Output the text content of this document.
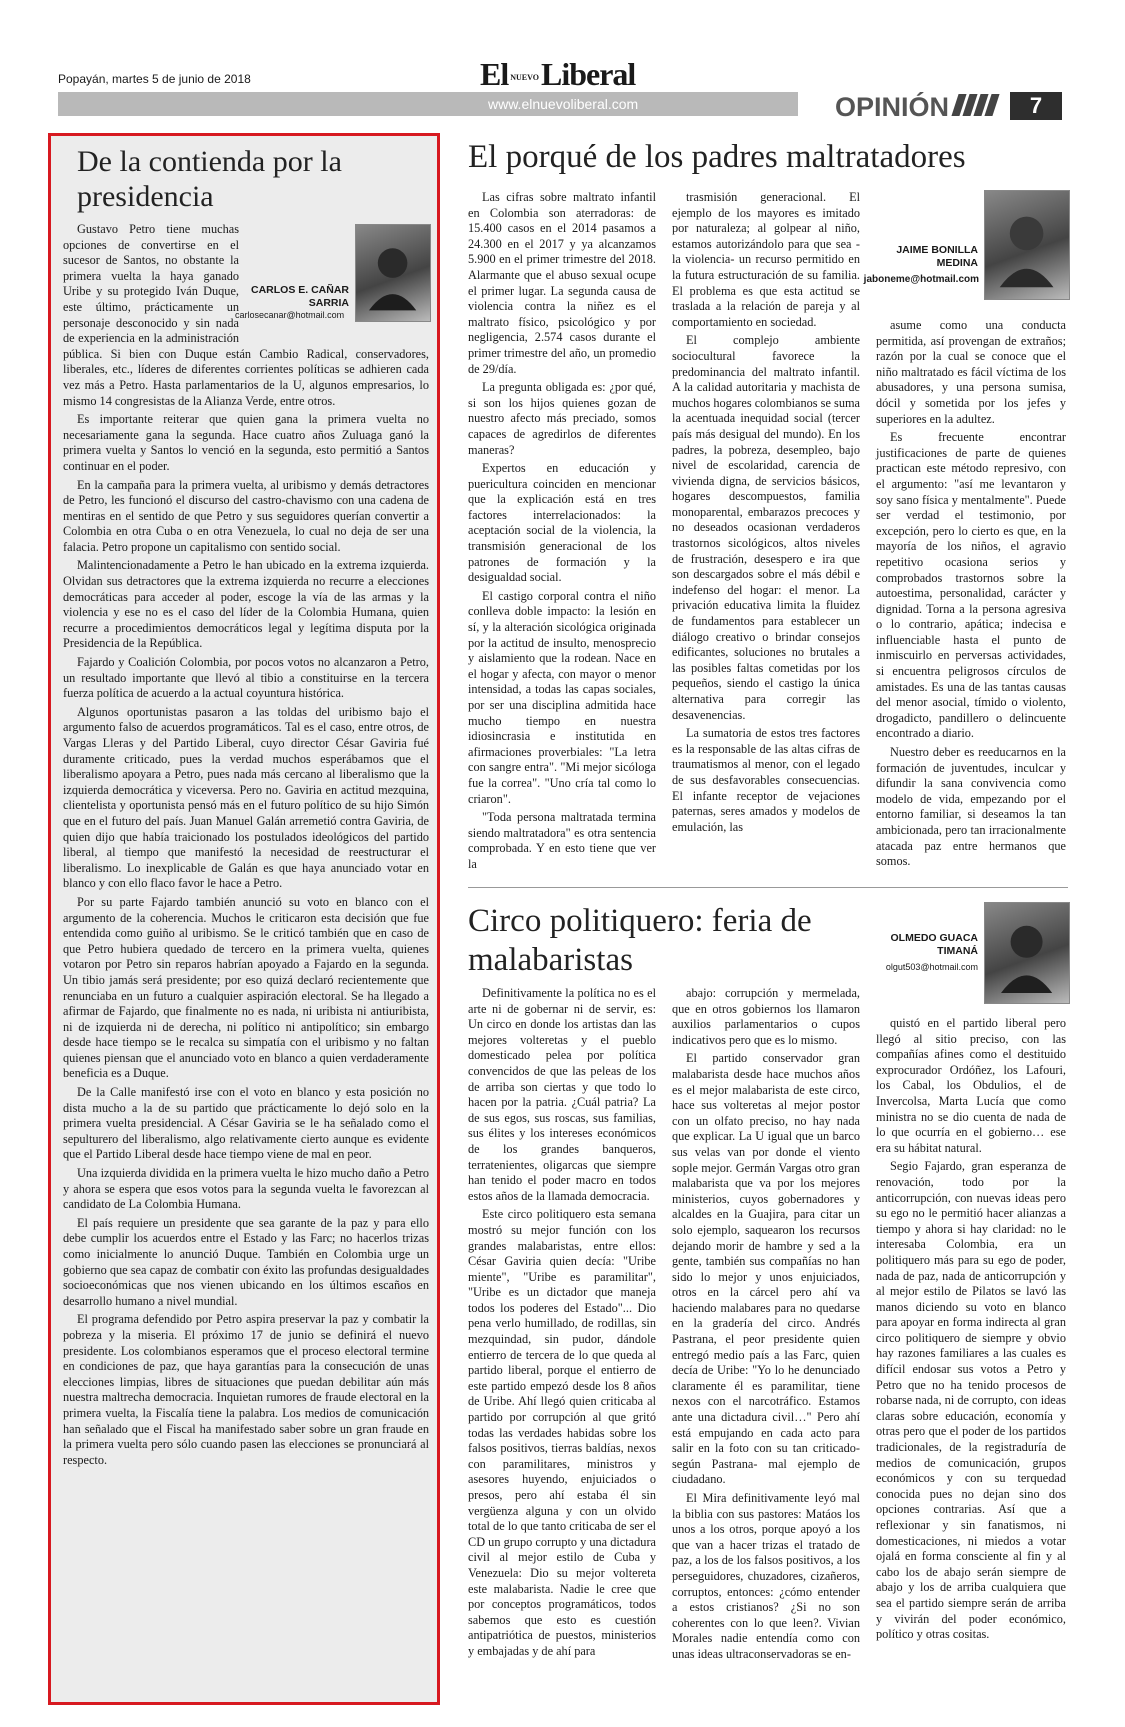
Popayán, martes 5 de junio de 2018	El NUEVOLiberal
www.elnuevoliberal.com	OPINIÓN	7
De la contienda por la presidencia
CARLOS E. CAÑAR SARRIA
carlosecanar@hotmail.com

Gustavo Petro tiene muchas opciones de convertirse en el sucesor de Santos, no obstante la primera vuelta la haya ganado Uribe y su protegido Iván Duque, este último, prácticamente un personaje desconocido y sin nada de experiencia en la administración pública. Si bien con Duque están Cambio Radical, conservadores, liberales, etc., líderes de diferentes corrientes políticas se adhieren cada vez más a Petro. Hasta parlamentarios de la U, algunos empresarios, lo mismo 14 congresistas de la Alianza Verde, entre otros.

Es importante reiterar que quien gana la primera vuelta no necesariamente gana la segunda. Hace cuatro años Zuluaga ganó la primera vuelta y Santos lo venció en la segunda, esto permitió a Santos continuar en el poder.

En la campaña para la primera vuelta, al uribismo y demás detractores de Petro, les funcionó el discurso del castro-chavismo con una cadena de mentiras en el sentido de que Petro y sus seguidores querían convertir a Colombia en otra Cuba o en otra Venezuela, lo cual no deja de ser una falacia. Petro propone un capitalismo con sentido social.

Malintencionadamente a Petro le han ubicado en la extrema izquierda. Olvidan sus detractores que la extrema izquierda no recurre a elecciones democráticas para acceder al poder, escoge la vía de las armas y la violencia y ese no es el caso del líder de la Colombia Humana, quien recurre a procedimientos democráticos legal y legítima disputa por la Presidencia de la República.

Fajardo y Coalición Colombia, por pocos votos no alcanzaron a Petro, un resultado importante que llevó al tibio a constituirse en la tercera fuerza política de acuerdo a la actual coyuntura histórica.

Algunos oportunistas pasaron a las toldas del uribismo bajo el argumento falso de acuerdos programáticos. Tal es el caso, entre otros, de Vargas Lleras y del Partido Liberal, cuyo director César Gaviria fué duramente criticado, pues la verdad muchos esperábamos que el liberalismo apoyara a Petro, pues nada más cercano al liberalismo que la izquierda democrática y viceversa. Pero no. Gaviria en actitud mezquina, clientelista y oportunista pensó más en el futuro político de su hijo Simón que en el futuro del país. Juan Manuel Galán arremetió contra Gaviria, de quien dijo que había traicionado los postulados ideológicos del partido liberal, al tiempo que manifestó la necesidad de reestructurar el liberalismo. Lo inexplicable de Galán es que haya anunciado votar en blanco y con ello flaco favor le hace a Petro.

Por su parte Fajardo también anunció su voto en blanco con el argumento de la coherencia. Muchos le criticaron esta decisión que fue entendida como guiño al uribismo. Se le criticó también que en caso de que Petro hubiera quedado de tercero en la primera vuelta, quienes votaron por Petro sin reparos habrían apoyado a Fajardo en la segunda. Un tibio jamás será presidente; por eso quizá declaró recientemente que renunciaba en un futuro a cualquier aspiración electoral. Se ha llegado a afirmar de Fajardo, que finalmente no es nada, ni uribista ni antiuribista, ni de izquierda ni de derecha, ni político ni antipolítico; sin embargo desde hace tiempo se le recalca su simpatía con el uribismo y no faltan quienes piensan que el anunciado voto en blanco a quien verdaderamente beneficia es a Duque.

De la Calle manifestó irse con el voto en blanco y esta posición no dista mucho a la de su partido que prácticamente lo dejó solo en la primera vuelta presidencial. A César Gaviria se le ha señalado como el sepulturero del liberalismo, algo relativamente cierto aunque es evidente que el Partido Liberal desde hace tiempo viene de mal en peor.

Una izquierda dividida en la primera vuelta le hizo mucho daño a Petro y ahora se espera que esos votos para la segunda vuelta le favorezcan al candidato de La Colombia Humana.

El país requiere un presidente que sea garante de la paz y para ello debe cumplir los acuerdos entre el Estado y las Farc; no hacerlos trizas como inicialmente lo anunció Duque. También en Colombia urge un gobierno que sea capaz de combatir con éxito las profundas desigualdades socioeconómicas que nos vienen ubicando en los últimos escaños en desarrollo humano a nivel mundial.

El programa defendido por Petro aspira preservar la paz y combatir la pobreza y la miseria. El próximo 17 de junio se definirá el nuevo presidente. Los colombianos esperamos que el proceso electoral termine en condiciones de paz, que haya garantías para la consecución de unas elecciones limpias, libres de situaciones que puedan debilitar aún más nuestra maltrecha democracia. Inquietan rumores de fraude electoral en la primera vuelta, la Fiscalía tiene la palabra. Los medios de comunicación han señalado que el Fiscal ha manifestado saber sobre un gran fraude en la primera vuelta pero sólo cuando pasen las elecciones se pronunciará al respecto.

El porqué de los padres maltratadores

Las cifras sobre maltrato infantil en Colombia son aterradoras: de 15.400 casos en el 2014 pasamos a 24.300 en el 2017 y ya alcanzamos 5.900 en el primer trimestre del 2018. Alarmante que el abuso sexual ocupe el primer lugar. La segunda causa de violencia contra la niñez es el maltrato físico, psicológico y por negligencia, 2.574 casos durante el primer trimestre del año, un promedio de 29/día.

La pregunta obligada es: ¿por qué, si son los hijos quienes gozan de nuestro afecto más preciado, somos capaces de agredirlos de diferentes maneras?

Expertos en educación y puericultura coinciden en mencionar que la explicación está en tres factores interrelacionados: la aceptación social de la violencia, la transmisión generacional de los patrones de formación y la desigualdad social.

El castigo corporal contra el niño conlleva doble impacto: la lesión en sí, y la alteración sicológica originada por la actitud de insulto, menosprecio y aislamiento que la rodean. Nace en el hogar y afecta, con mayor o menor intensidad, a todas las capas sociales, por ser una disciplina admitida hace mucho tiempo en nuestra idiosincrasia e institutida en afirmaciones proverbiales: "La letra con sangre entra". "Mi mejor sicóloga fue la correa". "Uno cría tal como lo criaron".

"Toda persona maltratada termina siendo maltratadora" es otra sentencia comprobada. Y en esto tiene que ver la

trasmisión generacional. El ejemplo de los mayores es imitado por naturaleza; al golpear al niño, estamos autorizándolo para que sea -la violencia- un recurso permitido en la futura estructuración de su familia. El problema es que esta actitud se traslada a la relación de pareja y al comportamiento en sociedad.

El complejo ambiente sociocultural favorece la predominancia del maltrato infantil. A la calidad autoritaria y machista de muchos hogares colombianos se suma la acentuada inequidad social (tercer país más desigual del mundo). En los padres, la pobreza, desempleo, bajo nivel de escolaridad, carencia de vivienda digna, de servicios básicos, hogares descompuestos, familia monoparental, embarazos precoces y no deseados ocasionan verdaderos trastornos sicológicos, altos niveles de frustración, desespero e ira que son descargados sobre el más débil e indefenso del hogar: el menor. La privación educativa limita la fluidez de fundamentos para establecer un diálogo creativo o brindar consejos edificantes, soluciones no brutales a las posibles faltas cometidas por los pequeños, siendo el castigo la única alternativa para corregir las desavenencias.

La sumatoria de estos tres factores es la responsable de las altas cifras de traumatismos al menor, con el legado de sus desfavorables consecuencias. El infante receptor de vejaciones paternas, seres amados y modelos de emulación, las

JAIME BONILLA MEDINA
jaboneme@hotmail.com

asume como una conducta permitida, así provengan de extraños; razón por la cual se conoce que el niño maltratado es fácil víctima de los abusadores, y una persona sumisa, dócil y sometida por los jefes y superiores en la adultez.

Es frecuente encontrar justificaciones de parte de quienes practican este método represivo, con el argumento: "así me levantaron y soy sano física y mentalmente". Puede ser verdad el testimonio, por excepción, pero lo cierto es que, en la mayoría de los niños, el agravio repetitivo ocasiona serios y comprobados trastornos sobre la autoestima, personalidad, carácter y dignidad. Torna a la persona agresiva o lo contrario, apática; indecisa e influenciable hasta el punto de inmiscuirlo en perversas actividades, si encuentra peligrosos círculos de amistades. Es una de las tantas causas del menor asocial, tímido o violento, drogadicto, pandillero o delincuente encontrado a diario.

Nuestro deber es reeducarnos en la formación de juventudes, inculcar y difundir la sana convivencia como modelo de vida, empezando por el entorno familiar, si deseamos la tan ambicionada, pero tan irracionalmente atacada paz entre hermanos que somos.

Circo politiquero: feria de malabaristas
OLMEDO GUACA TIMANÁ
olgut503@hotmail.com

Definitivamente la política no es el arte ni de gobernar ni de servir, es: Un circo en donde los artistas dan las mejores volteretas y el pueblo domesticado pelea por política convencidos de que las peleas de los de arriba son ciertas y que todo lo hacen por la patria. ¿Cuál patria? La de sus egos, sus roscas, sus familias, sus élites y los intereses económicos de los grandes banqueros, terratenientes, oligarcas que siempre han tenido el poder macro en todos estos años de la llamada democracia.

Este circo politiquero esta semana mostró su mejor función con los grandes malabaristas, entre ellos: César Gaviria quien decía: "Uribe miente", "Uribe es paramilitar", "Uribe es un dictador que maneja todos los poderes del Estado"... Dio pena verlo humillado, de rodillas, sin mezquindad, sin pudor, dándole entierro de tercera de lo que queda al partido liberal, porque el entierro de este partido empezó desde los 8 años de Uribe. Ahí llegó quien criticaba al partido por corrupción al que gritó todas las verdades habidas sobre los falsos positivos, tierras baldías, nexos con paramilitares, ministros y asesores huyendo, enjuiciados o presos, pero ahí estaba él sin vergüenza alguna y con un olvido total de lo que tanto criticaba de ser el CD un grupo corrupto y una dictadura civil al mejor estilo de Cuba y Venezuela: Dio su mejor voltereta este malabarista. Nadie le cree que por conceptos programáticos, todos sabemos que esto es cuestión antipatriótica de puestos, ministerios y embajadas y de ahí para

abajo: corrupción y mermelada, que en otros gobiernos los llamaron auxilios parlamentarios o cupos indicativos pero que es lo mismo.

El partido conservador gran malabarista desde hace muchos años es el mejor malabarista de este circo, hace sus volteretas al mejor postor con un olfato preciso, no hay nada que explicar. La U igual que un barco sus velas van por donde el viento sople mejor. Germán Vargas otro gran malabarista que va por los mejores ministerios, cuyos gobernadores y alcaldes en la Guajira, para citar un solo ejemplo, saquearon los recursos dejando morir de hambre y sed a la gente, también sus compañías no han sido lo mejor y unos enjuiciados, otros en la cárcel pero ahí va haciendo malabares para no quedarse en la gradería del circo. Andrés Pastrana, el peor presidente quien entregó medio país a las Farc, quien decía de Uribe: "Yo lo he denunciado claramente él es paramilitar, tiene nexos con el narcotráfico. Estamos ante una dictadura civil…" Pero ahí está empujando en cada acto para salir en la foto con su tan criticado-según Pastrana- mal ejemplo de ciudadano.

El Mira definitivamente leyó mal la biblia con sus pastores: Matáos los unos a los otros, porque apoyó a los que van a hacer trizas el tratado de paz, a los de los falsos positivos, a los perseguidores, chuzadores, cizañeros, corruptos, entonces: ¿cómo entender a estos cristianos? ¿Si no son coherentes con lo que leen?. Vivian Morales nadie entendía como con unas ideas ultraconservadoras se en-

quistó en el partido liberal pero llegó al sitio preciso, con las compañías afines como el destituido exprocurador Ordóñez, los Lafouri, los Cabal, los Obdulios, el de Invercolsa, Marta Lucía que como ministra no se dio cuenta de nada de lo que ocurría en el gobierno… ese era su hábitat natural.

Segio Fajardo, gran esperanza de renovación, todo por la anticorrupción, con nuevas ideas pero su ego no le permitió hacer alianzas a tiempo y ahora si hay claridad: no le interesaba Colombia, era un politiquero más para su ego de poder, nada de paz, nada de anticorrupción y al mejor estilo de Pilatos se lavó las manos diciendo su voto en blanco para apoyar en forma indirecta al gran circo politiquero de siempre y obvio hay razones familiares a las cuales es difícil endosar sus votos a Petro y Petro que no ha tenido procesos de robarse nada, ni de corrupto, con ideas claras sobre educación, economía y otras pero que el poder de los partidos tradicionales, de la registraduría de medios de comunicación, grupos económicos y con su terquedad conocida pues no dejan sino dos opciones contrarias. Así que a reflexionar y sin fanatismos, ni domesticaciones, ni miedos a votar ojalá en forma consciente al fin y al cabo los de abajo serán siempre de abajo y los de arriba cualquiera que sea el partido siempre serán de arriba y vivirán del poder económico, político y otras cositas.
